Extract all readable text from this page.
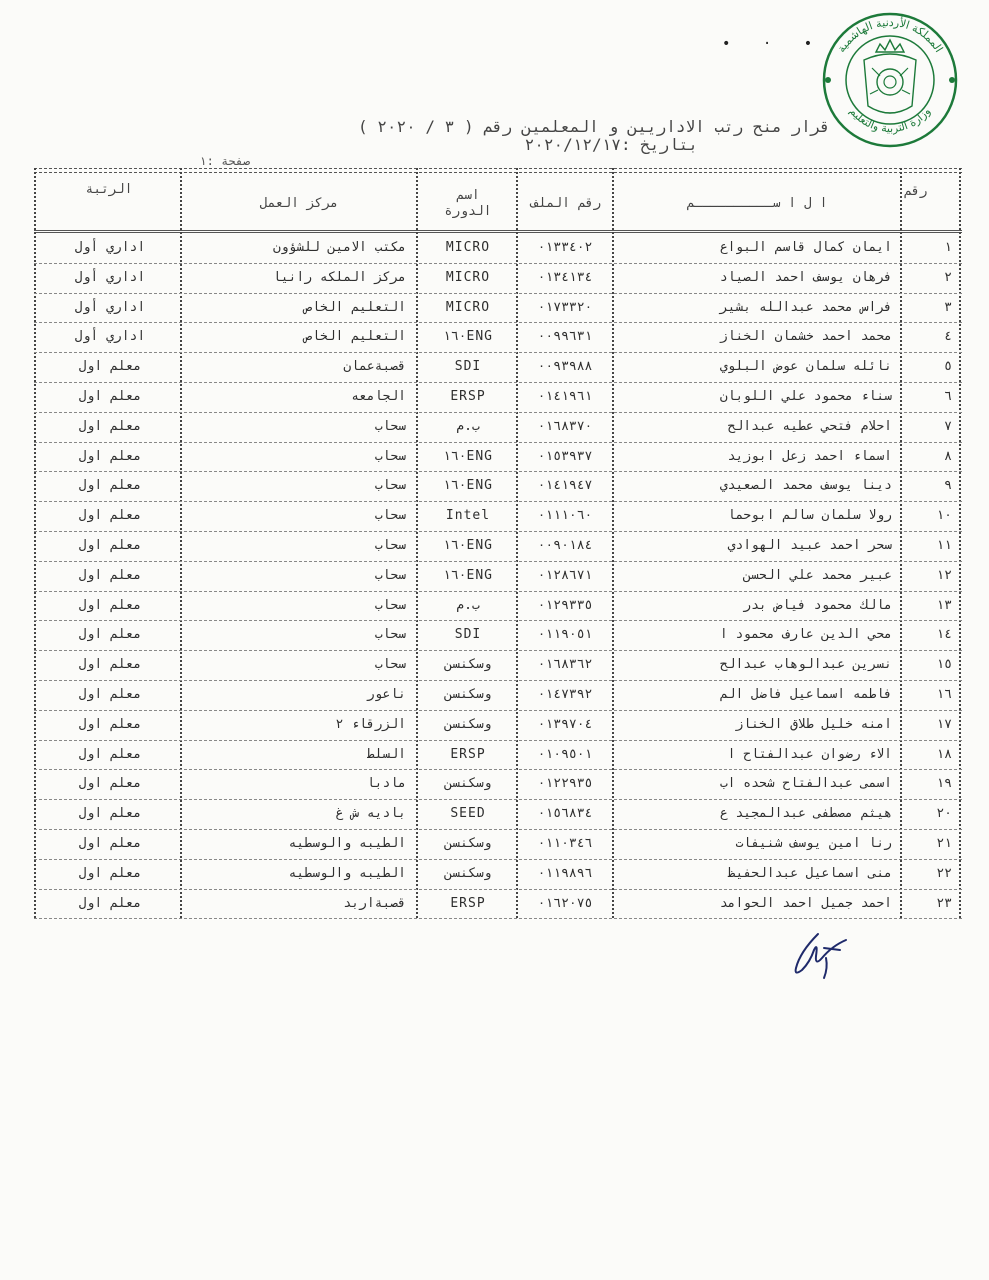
المملكة الأردنية الهاشمية
وزارة التربية والتعليم
• · •
قرار منح رتب الاداريين و المعلمين رقم ( ٣ / ٢٠٢٠ )
بتاريخ :٢٠٢٠/١٢/١٧
صفحة :١
رقم
ا ل ا ســــــــــم
رقم الملف
اسم الدورة
مركز العمل
الرتبة
١
ايمان كمال قاسم البواع
٠١٣٣٤٠٢
MICRO
مكتب الامين للشؤون
اداري أول
٢
فرهان يوسف احمد الصياد
٠١٣٤١٣٤
MICRO
مركز الملكه رانيا
اداري أول
٣
فراس محمد عبدالله بشير
٠١٧٣٣٢٠
MICRO
التعليم الخاص
اداري أول
٤
محمد احمد خشمان الخناز
٠٠٩٩٦٣١
١٦٠ENG
التعليم الخاص
اداري أول
٥
نائله سلمان عوض البلوي
٠٠٩٣٩٨٨
SDI
قصبةعمان
معلم اول
٦
سناء محمود علي اللوبان
٠١٤١٩٦١
ERSP
الجامعه
معلم اول
٧
احلام فتحي عطيه عبدالح
٠١٦٨٣٧٠
ب.م
سحاب
معلم اول
٨
اسماء احمد زعل ابوزيد
٠١٥٣٩٣٧
١٦٠ENG
سحاب
معلم اول
٩
دينا يوسف محمد الصعيدي
٠١٤١٩٤٧
١٦٠ENG
سحاب
معلم اول
١٠
رولا سلمان سالم ابوحما
٠١١١٠٦٠
Intel
سحاب
معلم اول
١١
سحر احمد عبيد الهوادي
٠٠٩٠١٨٤
١٦٠ENG
سحاب
معلم اول
١٢
عبير محمد علي الحسن
٠١٢٨٦٧١
١٦٠ENG
سحاب
معلم اول
١٣
مالك محمود فياض بدر
٠١٢٩٣٣٥
ب.م
سحاب
معلم اول
١٤
محي الدين عارف محمود ا
٠١١٩٠٥١
SDI
سحاب
معلم اول
١٥
نسرين عبدالوهاب عبدالح
٠١٦٨٣٦٢
وسكنسن
سحاب
معلم اول
١٦
فاطمه اسماعيل فاضل الم
٠١٤٧٣٩٢
وسكنسن
ناعور
معلم اول
١٧
امنه خليل طلاق الخناز
٠١٣٩٧٠٤
وسكنسن
الزرقاء ٢
معلم اول
١٨
الاء رضوان عبدالفتاح ا
٠١٠٩٥٠١
ERSP
السلط
معلم اول
١٩
اسمى عبدالفتاح شحده اب
٠١٢٢٩٣٥
وسكنسن
مادبا
معلم اول
٢٠
هيثم مصطفى عبدالمجيد ع
٠١٥٦٨٣٤
SEED
باديه ش غ
معلم اول
٢١
رنا امين يوسف شنيفات
٠١١٠٣٤٦
وسكنسن
الطيبه والوسطيه
معلم اول
٢٢
منى اسماعيل عبدالحفيظ
٠١١٩٨٩٦
وسكنسن
الطيبه والوسطيه
معلم اول
٢٣
احمد جميل احمد الحوامد
٠١٦٢٠٧٥
ERSP
قصبةاربد
معلم اول
